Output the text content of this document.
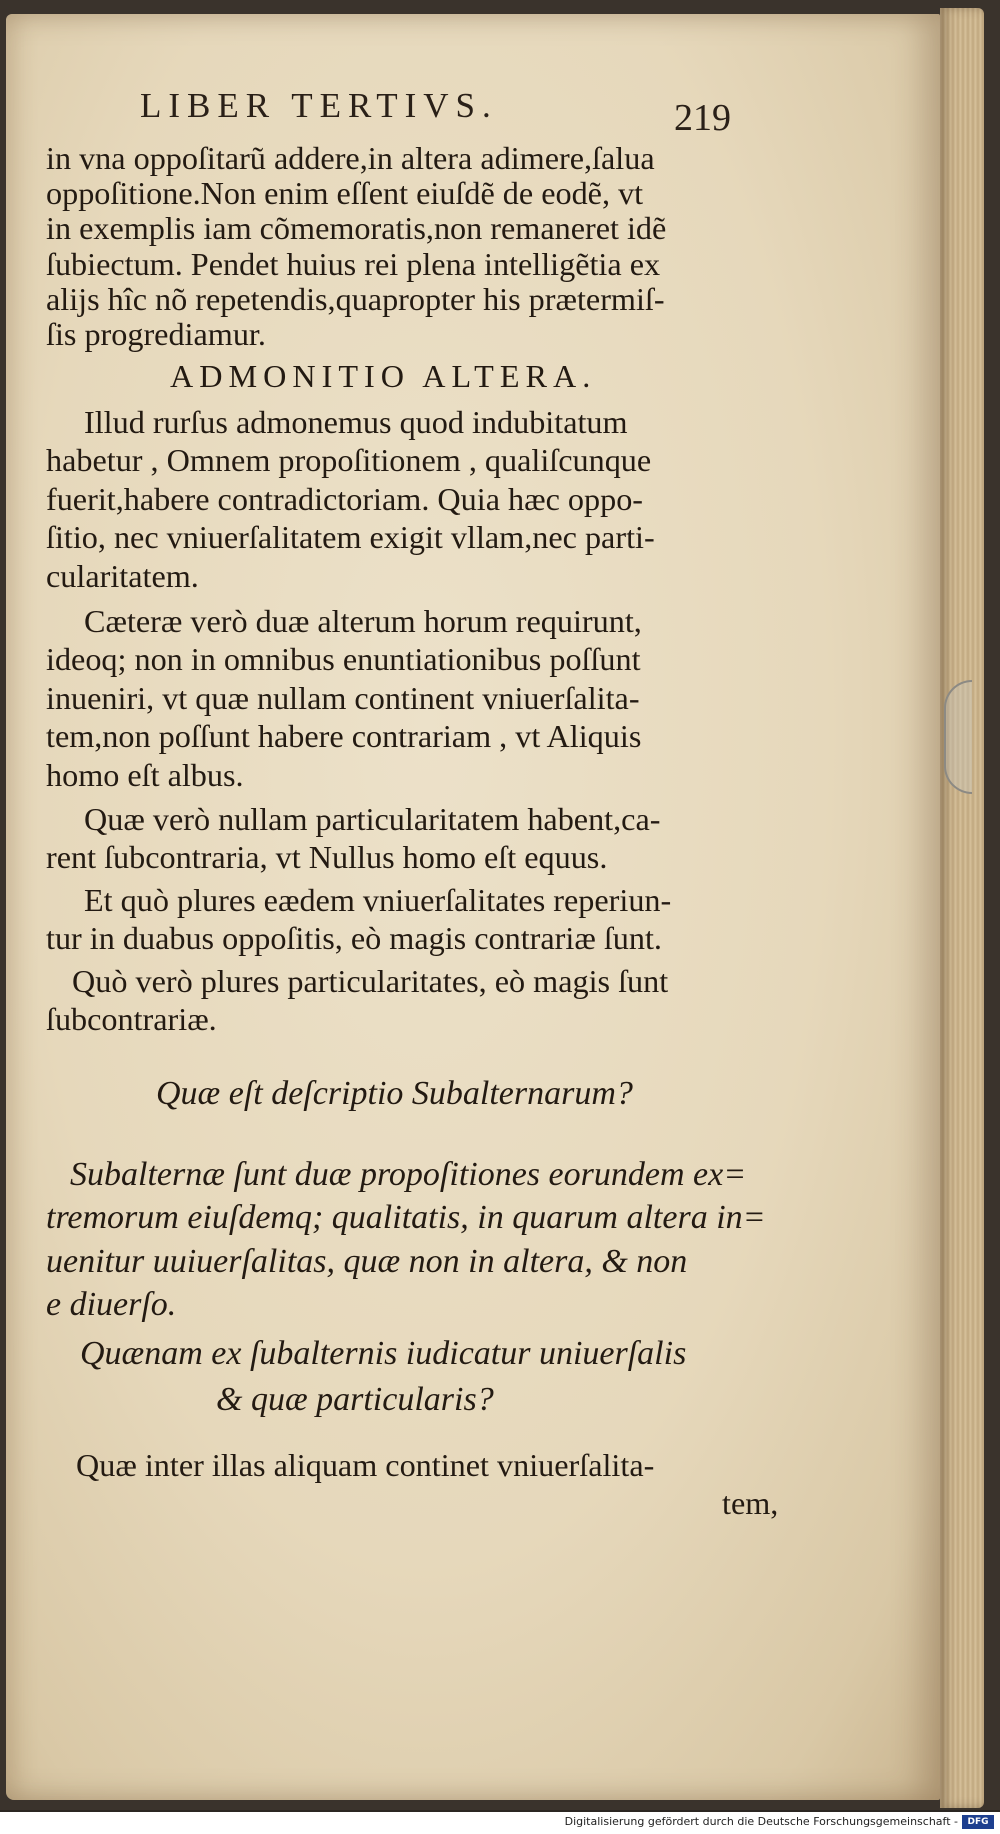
LIBER TERTIVS.	219
in vna oppoſitarũ addere,in altera adimere,ſalua
oppoſitione.Non enim eſſent eiuſdẽ de eodẽ, vt
in exemplis iam cõmemoratis,non remaneret idẽ
ſubiectum. Pendet huius rei plena intelligẽtia ex
alijs hîc nõ repetendis,quapropter his prætermiſ-
ſis progrediamur.
ADMONITIO ALTERA.
Illud rurſus admonemus quod indubitatum
habetur , Omnem propoſitionem , qualiſcunque
fuerit,habere contradictoriam. Quia hæc oppo-
ſitio, nec vniuerſalitatem exigit vllam,nec parti-
cularitatem.
Cæteræ verò duæ alterum horum requirunt,
ideoq; non in omnibus enuntiationibus poſſunt
inueniri, vt quæ nullam continent vniuerſalita-
tem,non poſſunt habere contrariam , vt Aliquis
homo eſt albus.
Quæ verò nullam particularitatem habent,ca-
rent ſubcontraria, vt Nullus homo eſt equus.
Et quò plures eædem vniuerſalitates reperiun-
tur in duabus oppoſitis, eò magis contrariæ ſunt.
Quò verò plures particularitates, eò magis ſunt
ſubcontrariæ.
Quæ eſt deſcriptio Subalternarum?
Subalternæ ſunt duæ propoſitiones eorundem ex=
tremorum eiuſdemq; qualitatis, in quarum altera in=
uenitur uuiuerſalitas, quæ non in altera, & non
e diuerſo.
Quænam ex ſubalternis iudicatur uniuerſalis
& quæ particularis?
Quæ inter illas aliquam continet vniuerſalita-
tem,
Digitalisierung gefördert durch die Deutsche Forschungsgemeinschaft -	DFG
